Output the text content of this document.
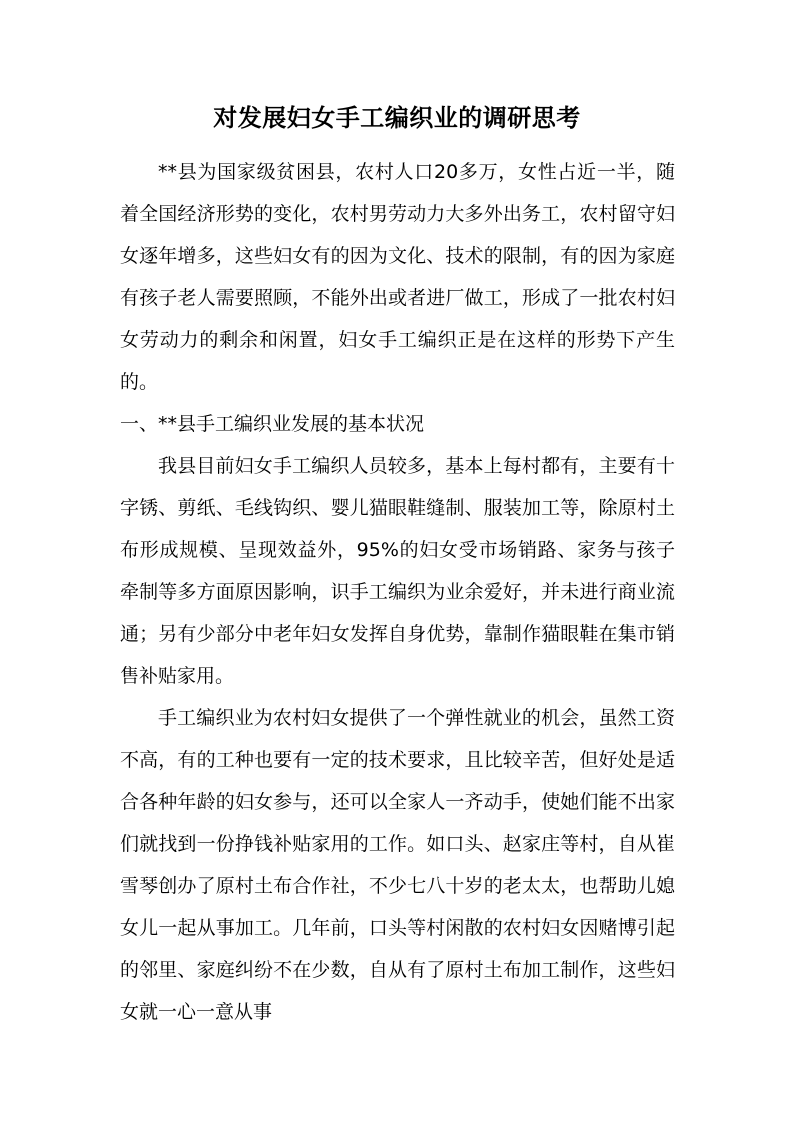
对发展妇女手工编织业的调研思考

**县为国家级贫困县，农村人口20多万，女性占近一半，随着全国经济形势的变化，农村男劳动力大多外出务工，农村留守妇女逐年增多，这些妇女有的因为文化、技术的限制，有的因为家庭有孩子老人需要照顾，不能外出或者进厂做工，形成了一批农村妇女劳动力的剩余和闲置，妇女手工编织正是在这样的形势下产生的。

一、**县手工编织业发展的基本状况

我县目前妇女手工编织人员较多，基本上每村都有，主要有十字锈、剪纸、毛线钩织、婴儿猫眼鞋缝制、服装加工等，除原村土布形成规模、呈现效益外，95%的妇女受市场销路、家务与孩子牵制等多方面原因影响，识手工编织为业余爱好，并未进行商业流通；另有少部分中老年妇女发挥自身优势，靠制作猫眼鞋在集市销售补贴家用。

手工编织业为农村妇女提供了一个弹性就业的机会，虽然工资不高，有的工种也要有一定的技术要求，且比较辛苦，但好处是适合各种年龄的妇女参与，还可以全家人一齐动手，使她们能不出家们就找到一份挣钱补贴家用的工作。如口头、赵家庄等村，自从崔雪琴创办了原村土布合作社，不少七八十岁的老太太，也帮助儿媳女儿一起从事加工。几年前，口头等村闲散的农村妇女因赌博引起的邻里、家庭纠纷不在少数，自从有了原村土布加工制作，这些妇女就一心一意从事
